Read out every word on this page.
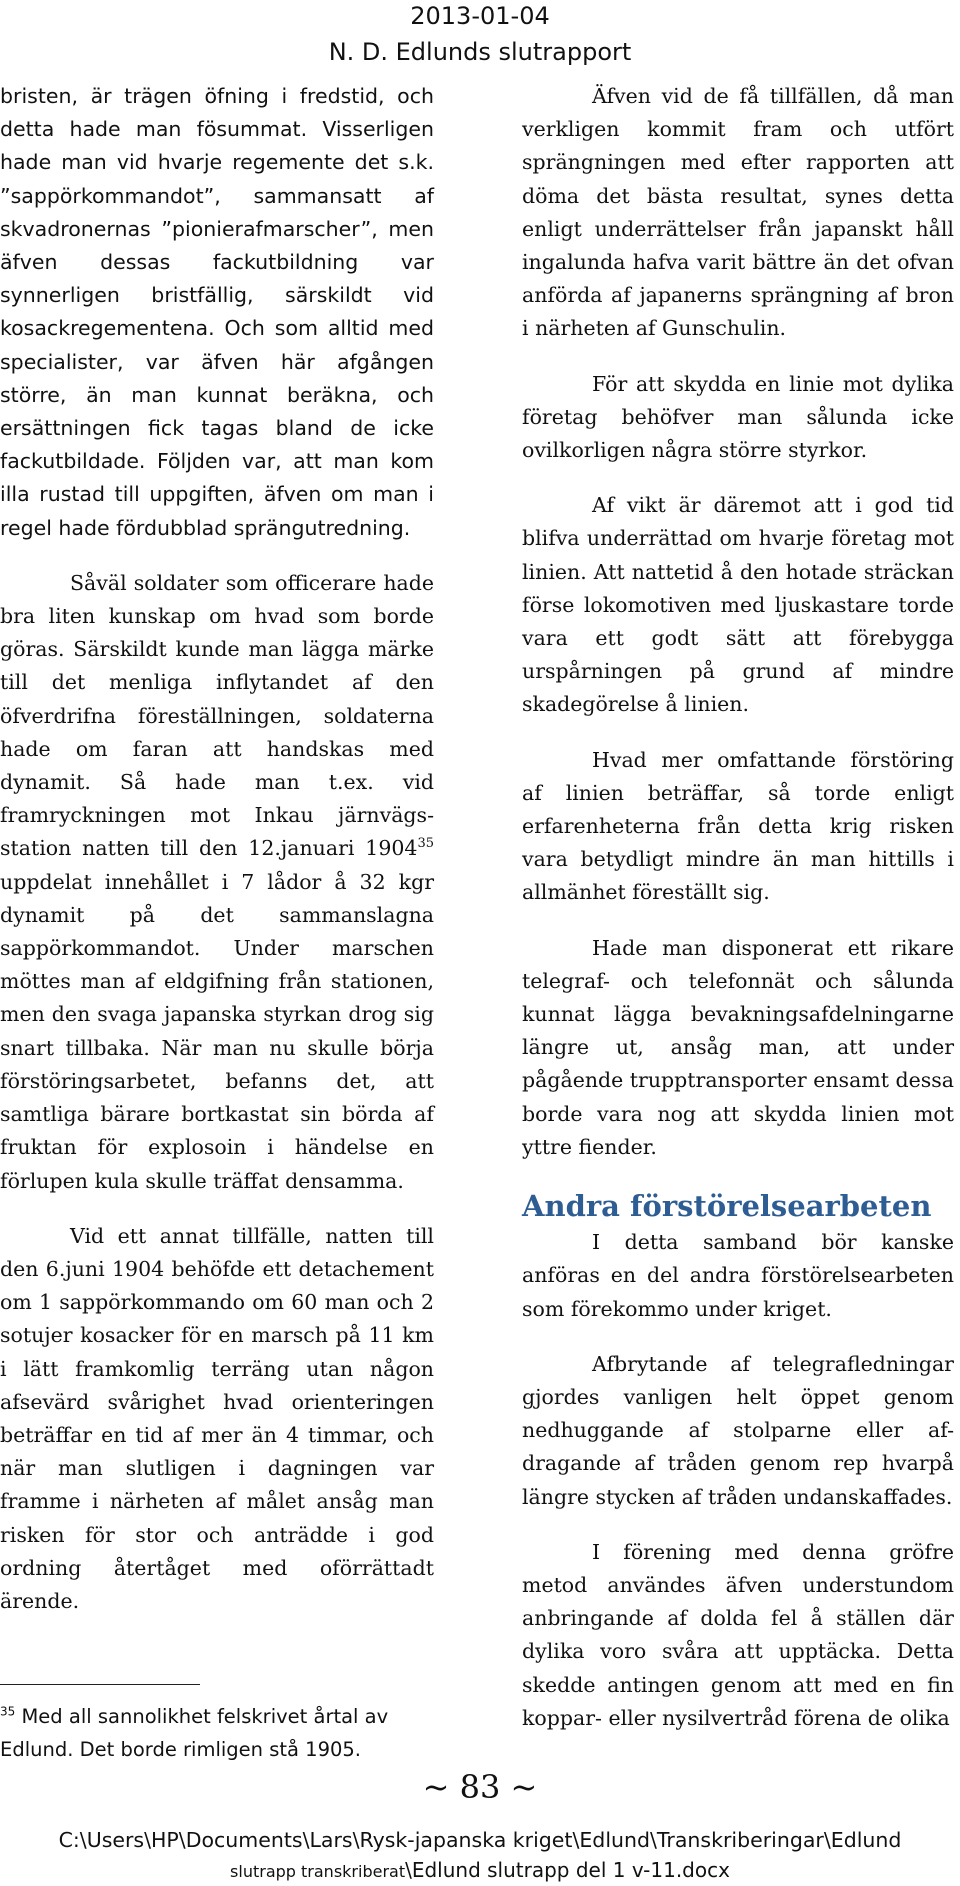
2013-01-04
N. D. Edlunds slutrapport

bristen, är trägen öfning i fredstid, och detta hade man fösummat. Visserligen hade man vid hvarje regemente det s.k. ”sappörkommandot”, sammansatt af skvadronernas ”pionierafmarscher”, men äfven dessas fackutbildning var synnerligen bristfällig, särskildt vid kosackregementena. Och som alltid med specialister, var äfven här afgången större, än man kunnat beräkna, och ersättningen fick tagas bland de icke fackutbildade. Följden var, att man kom illa rustad till uppgiften, äfven om man i regel hade fördubblad sprängutredning.

Såväl soldater som officerare hade bra liten kunskap om hvad som borde göras. Särskildt kunde man lägga märke till det menliga inflytandet af den öfverdrifna föreställningen, soldaterna hade om faran att handskas med dynamit. Så hade man t.ex. vid framryckningen mot Inkau järnvägs-station natten till den 12.januari 1904$^{35}$ uppdelat innehållet i 7 lådor å 32 kgr dynamit på det sammanslagna sappörkommandot. Under marschen möttes man af eldgifning från stationen, men den svaga japanska styrkan drog sig snart tillbaka. När man nu skulle börja förstöringsarbetet, befanns det, att samtliga bärare bortkastat sin börda af fruktan för explosoin i händelse en förlupen kula skulle träffat densamma.

Vid ett annat tillfälle, natten till den 6.juni 1904 behöfde ett detachement om 1 sappörkommando om 60 man och 2 sotujer kosacker för en marsch på 11 km i lätt framkomlig terräng utan någon afsevärd svårighet hvad orienteringen beträffar en tid af mer än 4 timmar, och när man slutligen i dagningen var framme i närheten af målet ansåg man risken för stor och anträdde i god ordning återtåget med oförrättadt ärende.

Äfven vid de få tillfällen, då man verkligen kommit fram och utfört sprängningen med efter rapporten att döma det bästa resultat, synes detta enligt underrättelser från japanskt håll ingalunda hafva varit bättre än det ofvan anförda af japanerns sprängning af bron i närheten af Gunschulin.

För att skydda en linie mot dylika företag behöfver man sålunda icke ovilkorligen några större styrkor.

Af vikt är däremot att i god tid blifva underrättad om hvarje företag mot linien. Att nattetid å den hotade sträckan förse lokomotiven med ljuskastare torde vara ett godt sätt att förebygga urspårningen på grund af mindre skadegörelse å linien.

Hvad mer omfattande förstöring af linien beträffar, så torde enligt erfarenheterna från detta krig risken vara betydligt mindre än man hittills i allmänhet föreställt sig.

Hade man disponerat ett rikare telegraf- och telefonnät och sålunda kunnat lägga bevakningsafdelningarne längre ut, ansåg man, att under pågående trupptransporter ensamt dessa borde vara nog att skydda linien mot yttre fiender.

Andra förstörelsearbeten

I detta samband bör kanske anföras en del andra förstörelsearbeten som förekommo under kriget.

Afbrytande af telegrafledningar gjordes vanligen helt öppet genom nedhuggande af stolparne eller af-dragande af tråden genom rep hvarpå längre stycken af tråden undanskaffades.

I förening med denna gröfre metod användes äfven understundom anbringande af dolda fel å ställen där dylika voro svåra att upptäcka. Detta skedde antingen genom att med en fin koppar- eller nysilvertråd förena de olika

$^{35}$ Med all sannolikhet felskrivet årtal av Edlund. Det borde rimligen stå 1905.
~ 83 ~
C:\Users\HP\Documents\Lars\Rysk-japanska kriget\Edlund\Transkriberingar\Edlund
slutrapp transkriberat\Edlund slutrapp del 1 v-11.docx
